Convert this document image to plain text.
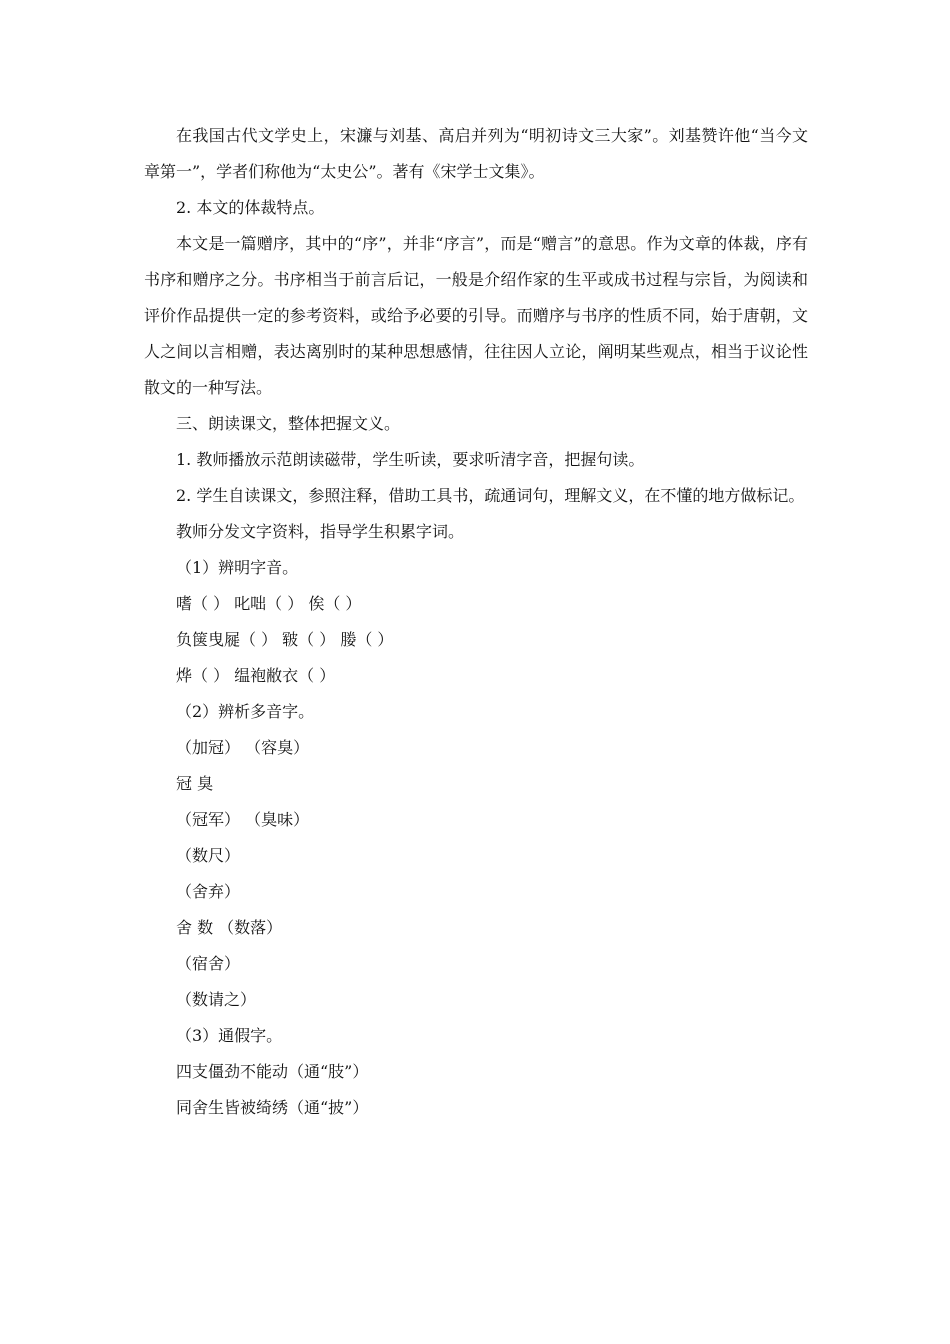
在我国古代文学史上，宋濂与刘基、高启并列为“明初诗文三大家”。刘基赞许他“当今文章第一”，学者们称他为“太史公”。著有《宋学士文集》。

2. 本文的体裁特点。

本文是一篇赠序，其中的“序”，并非“序言”，而是“赠言”的意思。作为文章的体裁，序有书序和赠序之分。书序相当于前言后记，一般是介绍作家的生平或成书过程与宗旨，为阅读和评价作品提供一定的参考资料，或给予必要的引导。而赠序与书序的性质不同，始于唐朝，文人之间以言相赠，表达离别时的某种思想感情，往往因人立论，阐明某些观点，相当于议论性散文的一种写法。

三、朗读课文，整体把握文义。

1. 教师播放示范朗读磁带，学生听读，要求听清字音，把握句读。

2. 学生自读课文，参照注释，借助工具书，疏通词句，理解文义，在不懂的地方做标记。

教师分发文字资料，指导学生积累字词。

（1）辨明字音。

嗜（ ） 叱咄（ ） 俟（ ）

负箧曳屣（ ） 皲（ ） 媵（ ）

烨（ ） 缊袍敝衣（ ）

（2）辨析多音字。

（加冠） （容臭）

冠 臭

（冠军） （臭味）

（数尺）

（舍弃）

舍 数 （数落）

（宿舍）

（数请之）

（3）通假字。

四支僵劲不能动（通“肢”）

同舍生皆被绮绣（通“披”）
